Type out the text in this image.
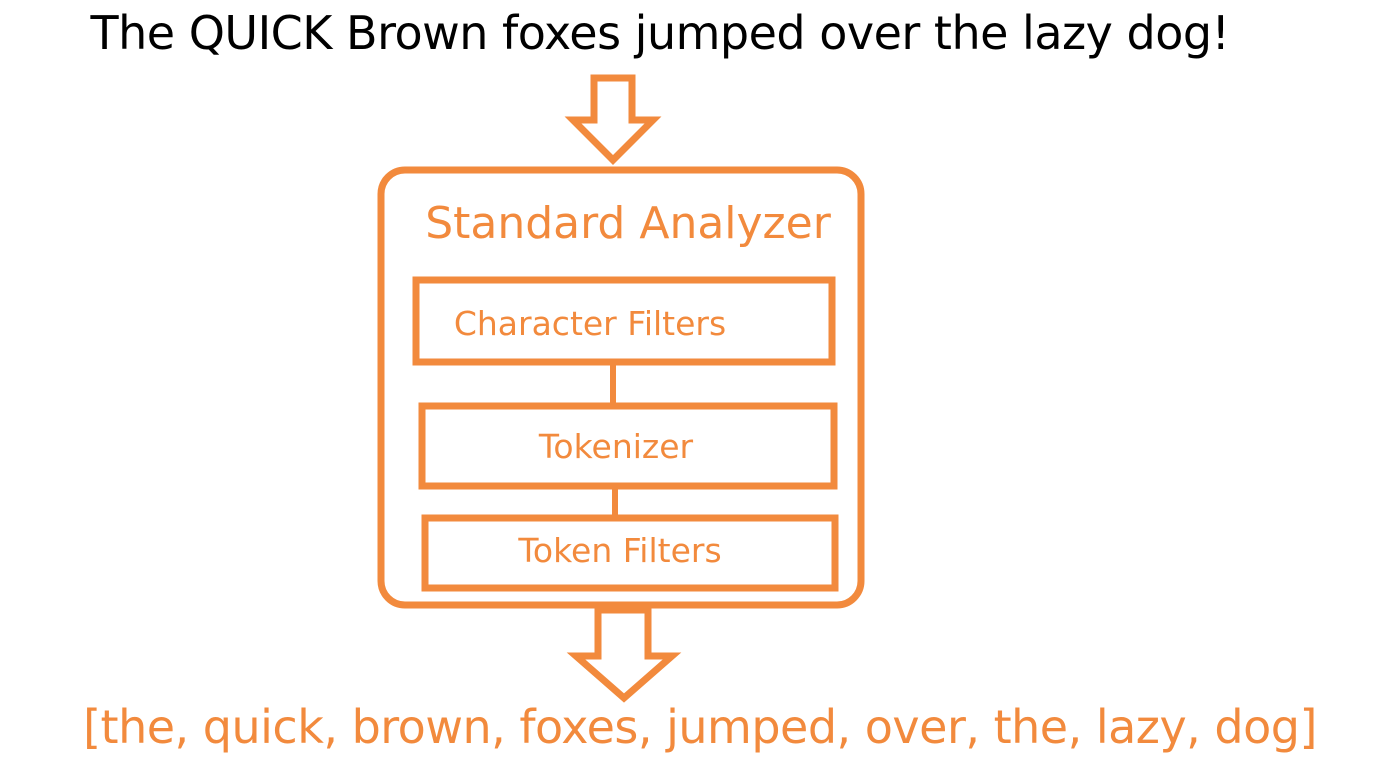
The QUICK Brown foxes jumped over the lazy dog!
Standard Analyzer
Character Filters
Tokenizer
Token Filters
[the, quick, brown, foxes, jumped, over, the, lazy, dog]
